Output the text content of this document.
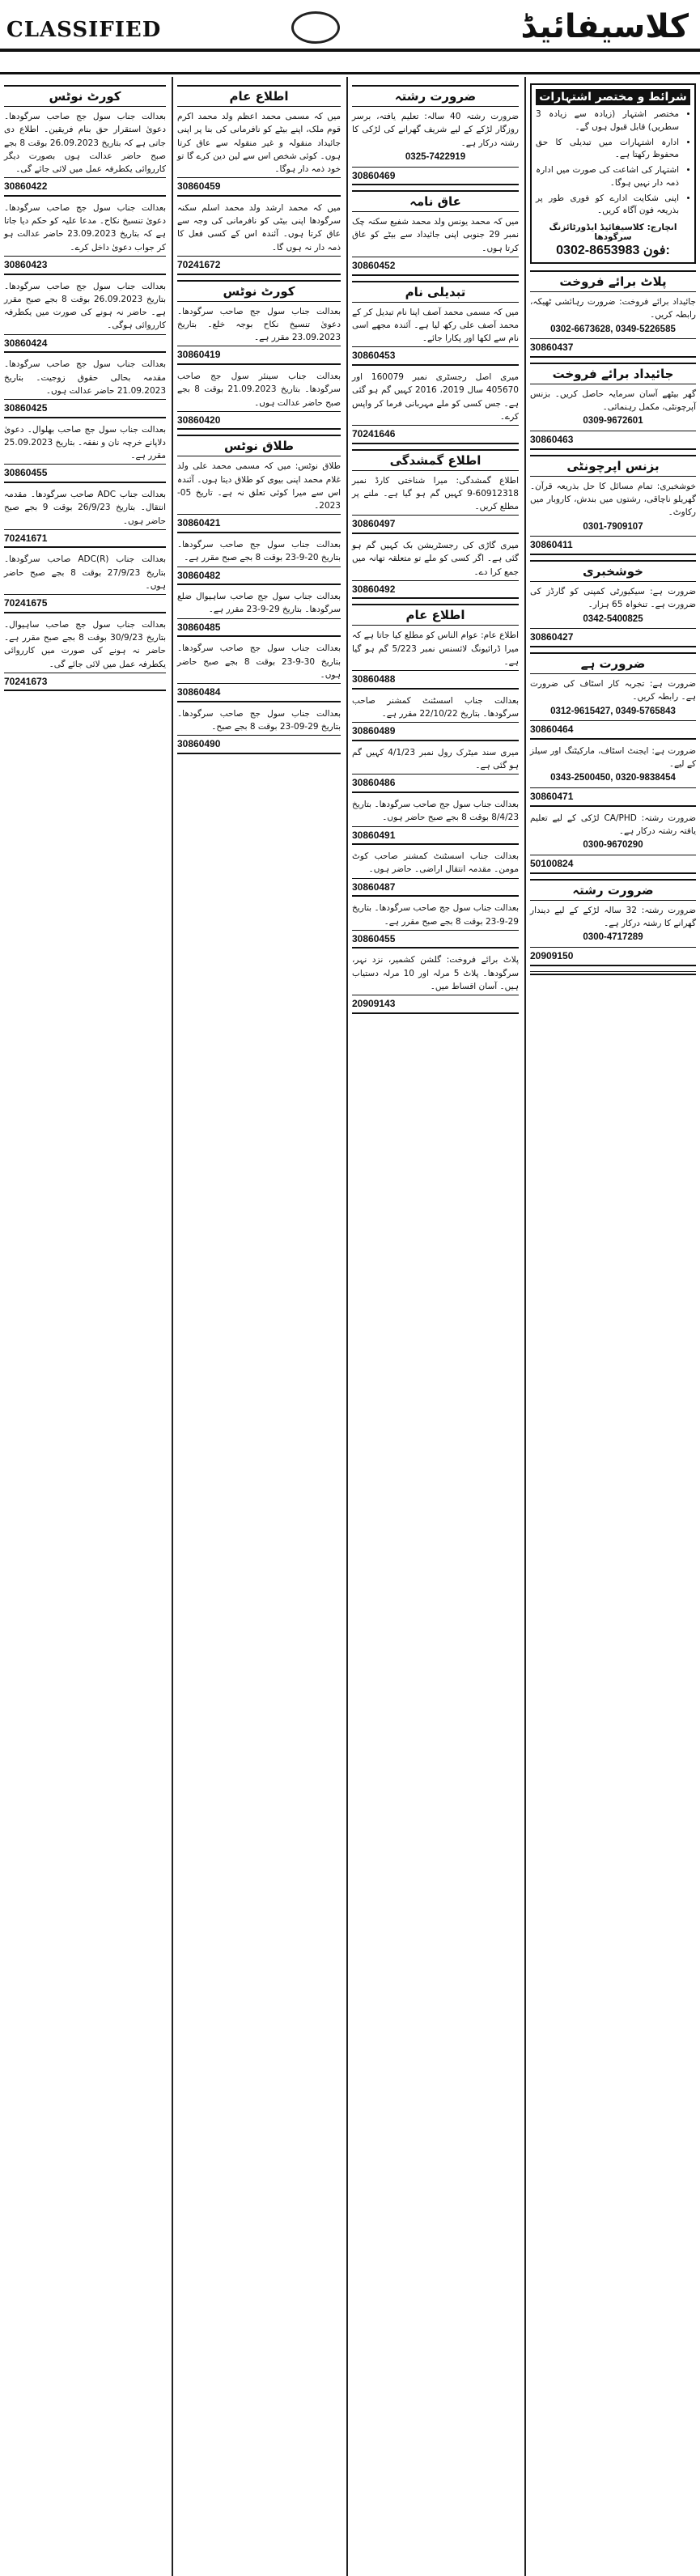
CLASSIFIED	کلاسیفائیڈ
شرائط و مختصر اشتہارات
• مختصر اشتہار (زیادہ سے زیادہ 3 سطریں) قابل قبول ہوں گے۔
• ادارہ اشتہارات میں تبدیلی کا حق محفوظ رکھتا ہے۔
• اشتہار کی اشاعت کی صورت میں ادارہ ذمہ دار نہیں ہوگا۔
• اپنی شکایت ادارے کو فوری طور پر بذریعہ فون آگاہ کریں۔
انچارج: کلاسیفائیڈ ایڈورٹائزنگ سرگودھا
0302-8653983 فون:
پلاٹ برائے فروخت
جائیداد برائے فروخت: ضرورت رہائشی ٹھیکہ، رابطہ کریں۔
0302-6673628, 0349-5226585
30860437
جائیداد برائے فروخت
گھر بیٹھے آسان سرمایہ حاصل کریں۔ بزنس آپرچونٹی، مکمل رہنمائی۔
0309-9672601
30860463
بزنس اپرچونٹی
خوشخبری: تمام مسائل کا حل بذریعہ قرآن۔ گھریلو ناچاقی، رشتوں میں بندش، کاروبار میں رکاوٹ۔
0301-7909107
30860411
خوشخبری
ضرورت ہے: سیکیورٹی کمپنی کو گارڈز کی ضرورت ہے۔ تنخواہ 65 ہزار۔
0342-5400825
30860427
ضرورت ہے
ضرورت ہے: تجربہ کار اسٹاف کی ضرورت ہے۔ رابطہ کریں۔
0312-9615427, 0349-5765843
30860464
ضرورت ہے: ایجنٹ اسٹاف، مارکیٹنگ اور سیلز کے لیے۔
0343-2500450, 0320-9838454
30860471
ضرورت رشتہ: CA/PHD لڑکی کے لیے تعلیم یافتہ رشتہ درکار ہے۔
0300-9670290
50100824
ضرورت رشتہ
ضرورت رشتہ: 32 سالہ لڑکے کے لیے دیندار گھرانے کا رشتہ درکار ہے۔
0300-4717289
20909150
ضرورت رشتہ
ضرورت رشتہ 40 سالہ: تعلیم یافتہ، برسر روزگار لڑکے کے لیے شریف گھرانے کی لڑکی کا رشتہ درکار ہے۔
0325-7422919
30860469
عاق نامہ
میں کہ محمد یونس ولد محمد شفیع سکنہ چک نمبر 29 جنوبی اپنی جائیداد سے بیٹے کو عاق کرتا ہوں۔
30860452
تبدیلی نام
میں کہ مسمی محمد آصف اپنا نام تبدیل کر کے محمد آصف علی رکھ لیا ہے۔ آئندہ مجھے اسی نام سے لکھا اور پکارا جائے۔
30860453
میری اصل رجسٹری نمبر 160079 اور 405670 سال 2019، 2016 کہیں گم ہو گئی ہے۔ جس کسی کو ملے مہربانی فرما کر واپس کرے۔
70241646
اطلاع گمشدگی
اطلاع گمشدگی: میرا شناختی کارڈ نمبر 60912318-9 کہیں گم ہو گیا ہے۔ ملنے پر مطلع کریں۔
30860497
میری گاڑی کی رجسٹریشن بک کہیں گم ہو گئی ہے۔ اگر کسی کو ملے تو متعلقہ تھانہ میں جمع کرا دے۔
30860492
اطلاع عام
اطلاع عام: عوام الناس کو مطلع کیا جاتا ہے کہ میرا ڈرائیونگ لائسنس نمبر 5/223 گم ہو گیا ہے۔
30860488
بعدالت جناب اسسٹنٹ کمشنر صاحب سرگودھا۔ بتاریخ 22/10/22 مقرر ہے۔
30860489
میری سند میٹرک رول نمبر 4/1/23 کہیں گم ہو گئی ہے۔
30860486
بعدالت جناب سول جج صاحب سرگودھا۔ بتاریخ 8/4/23 بوقت 8 بجے صبح حاضر ہوں۔
30860491
بعدالت جناب اسسٹنٹ کمشنر صاحب کوٹ مومن۔ مقدمہ انتقال اراضی۔ حاضر ہوں۔
30860487
بعدالت جناب سول جج صاحب سرگودھا۔ بتاریخ 29-9-23 بوقت 8 بجے صبح مقرر ہے۔
30860455
پلاٹ برائے فروخت: گلشن کشمیر، نزد نہر، سرگودھا۔ پلاٹ 5 مرلہ اور 10 مرلہ دستیاب ہیں۔ آسان اقساط میں۔
20909143
اطلاع عام
میں کہ مسمی محمد اعظم ولد محمد اکرم قوم ملک، اپنے بیٹے کو نافرمانی کی بنا پر اپنی جائیداد منقولہ و غیر منقولہ سے عاق کرتا ہوں۔ کوئی شخص اس سے لین دین کرے گا تو خود ذمہ دار ہوگا۔
30860459
میں کہ محمد ارشد ولد محمد اسلم سکنہ سرگودھا اپنی بیٹی کو نافرمانی کی وجہ سے عاق کرتا ہوں۔ آئندہ اس کے کسی فعل کا ذمہ دار نہ ہوں گا۔
70241672
کورٹ نوٹس
بعدالت جناب سول جج صاحب سرگودھا۔ دعویٰ تنسیخ نکاح بوجہ خلع۔ بتاریخ 23.09.2023 مقرر ہے۔
30860419
بعدالت جناب سینئر سول جج صاحب سرگودھا۔ بتاریخ 21.09.2023 بوقت 8 بجے صبح حاضر عدالت ہوں۔
30860420
طلاق نوٹس
طلاق نوٹس: میں کہ مسمی محمد علی ولد غلام محمد اپنی بیوی کو طلاق دیتا ہوں۔ آئندہ اس سے میرا کوئی تعلق نہ ہے۔ تاریخ 05-2023۔
30860421
بعدالت جناب سول جج صاحب سرگودھا۔ بتاریخ 20-9-23 بوقت 8 بجے صبح مقرر ہے۔
30860482
بعدالت جناب سول جج صاحب ساہیوال ضلع سرگودھا۔ بتاریخ 29-9-23 مقرر ہے۔
30860485
بعدالت جناب سول جج صاحب سرگودھا۔ بتاریخ 30-9-23 بوقت 8 بجے صبح حاضر ہوں۔
30860484
بعدالت جناب سول جج صاحب سرگودھا۔ بتاریخ 29-09-23 بوقت 8 بجے صبح۔
30860490
کورٹ نوٹس
بعدالت جناب سول جج صاحب سرگودھا۔ دعویٰ استقرار حق بنام فریقین۔ اطلاع دی جاتی ہے کہ بتاریخ 26.09.2023 بوقت 8 بجے صبح حاضر عدالت ہوں بصورت دیگر کارروائی یکطرفہ عمل میں لائی جائے گی۔
30860422
بعدالت جناب سول جج صاحب سرگودھا۔ دعویٰ تنسیخ نکاح۔ مدعا علیہ کو حکم دیا جاتا ہے کہ بتاریخ 23.09.2023 حاضر عدالت ہو کر جواب دعویٰ داخل کرے۔
30860423
بعدالت جناب سول جج صاحب سرگودھا۔ بتاریخ 26.09.2023 بوقت 8 بجے صبح مقرر ہے۔ حاضر نہ ہونے کی صورت میں یکطرفہ کارروائی ہوگی۔
30860424
بعدالت جناب سول جج صاحب سرگودھا۔ مقدمہ بحالی حقوق زوجیت۔ بتاریخ 21.09.2023 حاضر عدالت ہوں۔
30860425
بعدالت جناب سول جج صاحب بھلوال۔ دعویٰ دلاپانے خرچہ نان و نفقہ۔ بتاریخ 25.09.2023 مقرر ہے۔
30860455
بعدالت جناب ADC صاحب سرگودھا۔ مقدمہ انتقال۔ بتاریخ 26/9/23 بوقت 9 بجے صبح حاضر ہوں۔
70241671
بعدالت جناب (R)ADC صاحب سرگودھا۔ بتاریخ 27/9/23 بوقت 8 بجے صبح حاضر ہوں۔
70241675
بعدالت جناب سول جج صاحب ساہیوال۔ بتاریخ 30/9/23 بوقت 8 بجے صبح مقرر ہے۔ حاضر نہ ہونے کی صورت میں کارروائی یکطرفہ عمل میں لائی جائے گی۔
70241673
